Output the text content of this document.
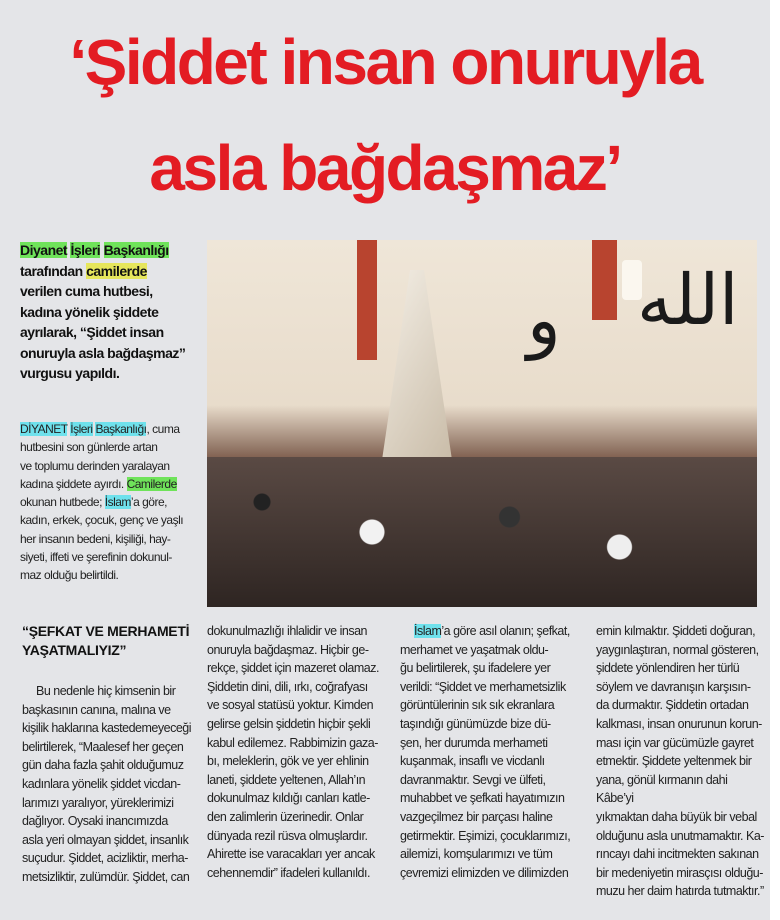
‘Şiddet insan onuruyla
asla bağdaşmaz’
Diyanet İşleri Başkanlığı
tarafından camilerde
verilen cuma hutbesi,
kadına yönelik şiddete
ayrılarak, “Şiddet insan
onuruyla asla bağdaşmaz”
vurgusu yapıldı.
DİYANET İşleri Başkanlığı, cuma
hutbesini son günlerde artan
ve toplumu derinden yaralayan
kadına şiddete ayırdı. Camilerde
okunan hutbede; İslam’a göre,
kadın, erkek, çocuk, genç ve yaşlı
her insanın bedeni, kişiliği, hay-
siyeti, iffeti ve şerefinin dokunul-
maz olduğu belirtildi.
و الله
“ŞEFKAT VE MERHAMETİ
YAŞATMALIYIZ”
Bu nedenle hiç kimsenin bir
başkasının canına, malına ve
kişilik haklarına kastedemeyeceği
belirtilerek, “Maalesef her geçen
gün daha fazla şahit olduğumuz
kadınlara yönelik şiddet vicdan-
larımızı yaralıyor, yüreklerimizi
dağlıyor. Oysaki inancımızda
asla yeri olmayan şiddet, insanlık
suçudur. Şiddet, acizliktir, merha-
metsizliktir, zulümdür. Şiddet, can
dokunulmazlığı ihlalidir ve insan
onuruyla bağdaşmaz. Hiçbir ge-
rekçe, şiddet için mazeret olamaz.
Şiddetin dini, dili, ırkı, coğrafyası
ve sosyal statüsü yoktur. Kimden
gelirse gelsin şiddetin hiçbir şekli
kabul edilemez. Rabbimizin gaza-
bı, meleklerin, gök ve yer ehlinin
laneti, şiddete yeltenen, Allah’ın
dokunulmaz kıldığı canları katle-
den zalimlerin üzerinedir. Onlar
dünyada rezil rüsva olmuşlardır.
Ahirette ise varacakları yer ancak
cehennemdir” ifadeleri kullanıldı.
İslam’a göre asıl olanın; şefkat,
merhamet ve yaşatmak oldu-
ğu belirtilerek, şu ifadelere yer
verildi: “Şiddet ve merhametsizlik
görüntülerinin sık sık ekranlara
taşındığı günümüzde bize dü-
şen, her durumda merhameti
kuşanmak, insaflı ve vicdanlı
davranmaktır. Sevgi ve ülfeti,
muhabbet ve şefkati hayatımızın
vazgeçilmez bir parçası haline
getirmektir. Eşimizi, çocuklarımızı,
ailemizi, komşularımızı ve tüm
çevremizi elimizden ve dilimizden
emin kılmaktır. Şiddeti doğuran,
yaygınlaştıran, normal gösteren,
şiddete yönlendiren her türlü
söylem ve davranışın karşısın-
da durmaktır. Şiddetin ortadan
kalkması, insan onurunun korun-
ması için var gücümüzle gayret
etmektir. Şiddete yeltenmek bir
yana, gönül kırmanın dahi Kâbe’yi
yıkmaktan daha büyük bir vebal
olduğunu asla unutmamaktır. Ka-
rıncayı dahi incitmekten sakınan
bir medeniyetin mirasçısı olduğu-
muzu her daim hatırda tutmaktır.”
